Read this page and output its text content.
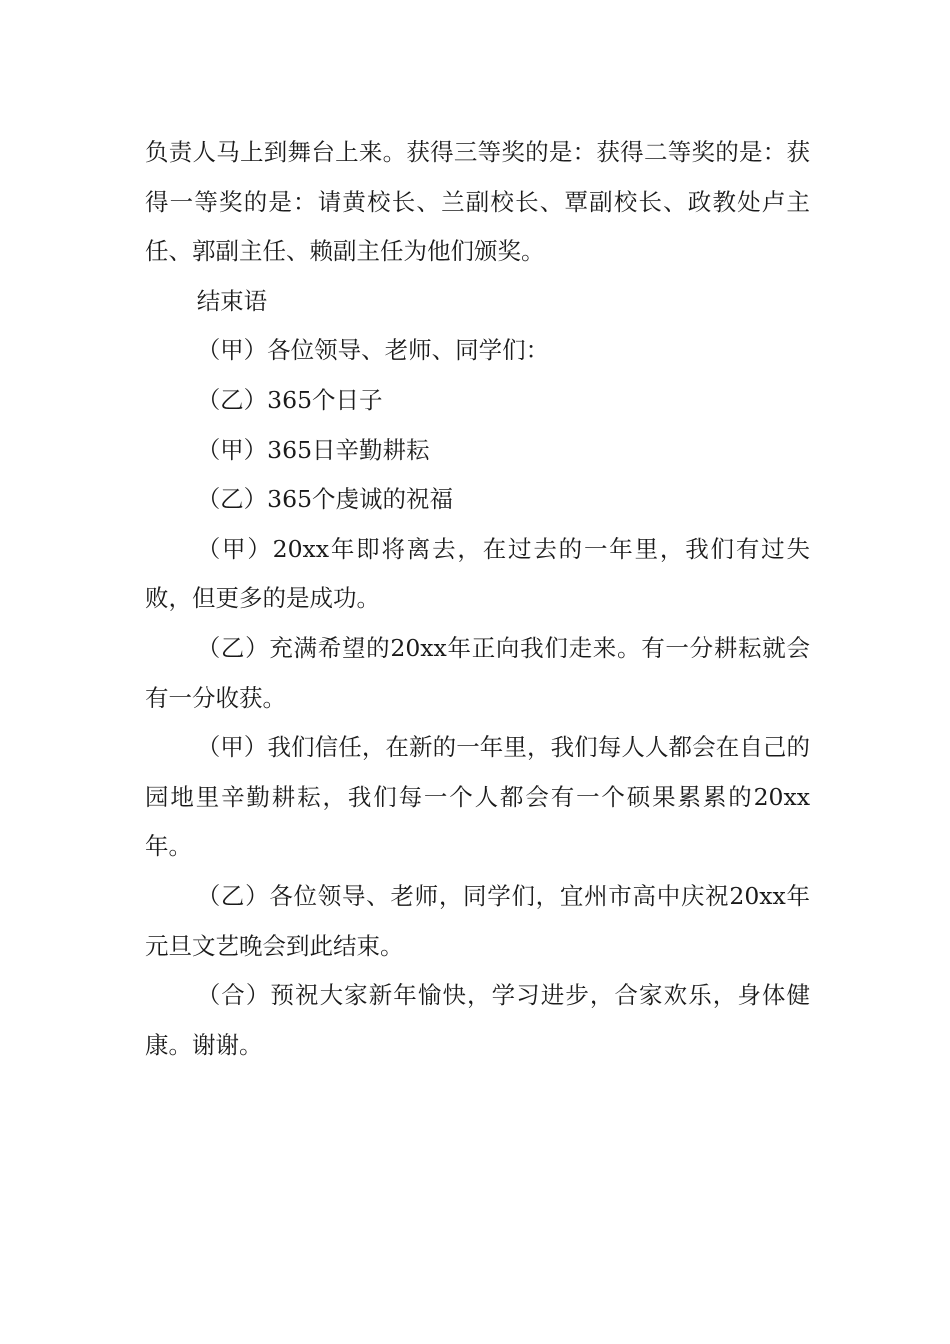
负责人马上到舞台上来。获得三等奖的是：获得二等奖的是：获得一等奖的是：请黄校长、兰副校长、覃副校长、政教处卢主任、郭副主任、赖副主任为他们颁奖。

结束语

（甲）各位领导、老师、同学们：

（乙）365个日子

（甲）365日辛勤耕耘

（乙）365个虔诚的祝福

（甲）20xx年即将离去，在过去的一年里，我们有过失败，但更多的是成功。

（乙）充满希望的20xx年正向我们走来。有一分耕耘就会有一分收获。

（甲）我们信任，在新的一年里，我们每人人都会在自己的园地里辛勤耕耘，我们每一个人都会有一个硕果累累的20xx年。

（乙）各位领导、老师，同学们，宜州市高中庆祝20xx年元旦文艺晚会到此结束。

（合）预祝大家新年愉快，学习进步，合家欢乐，身体健康。谢谢。
